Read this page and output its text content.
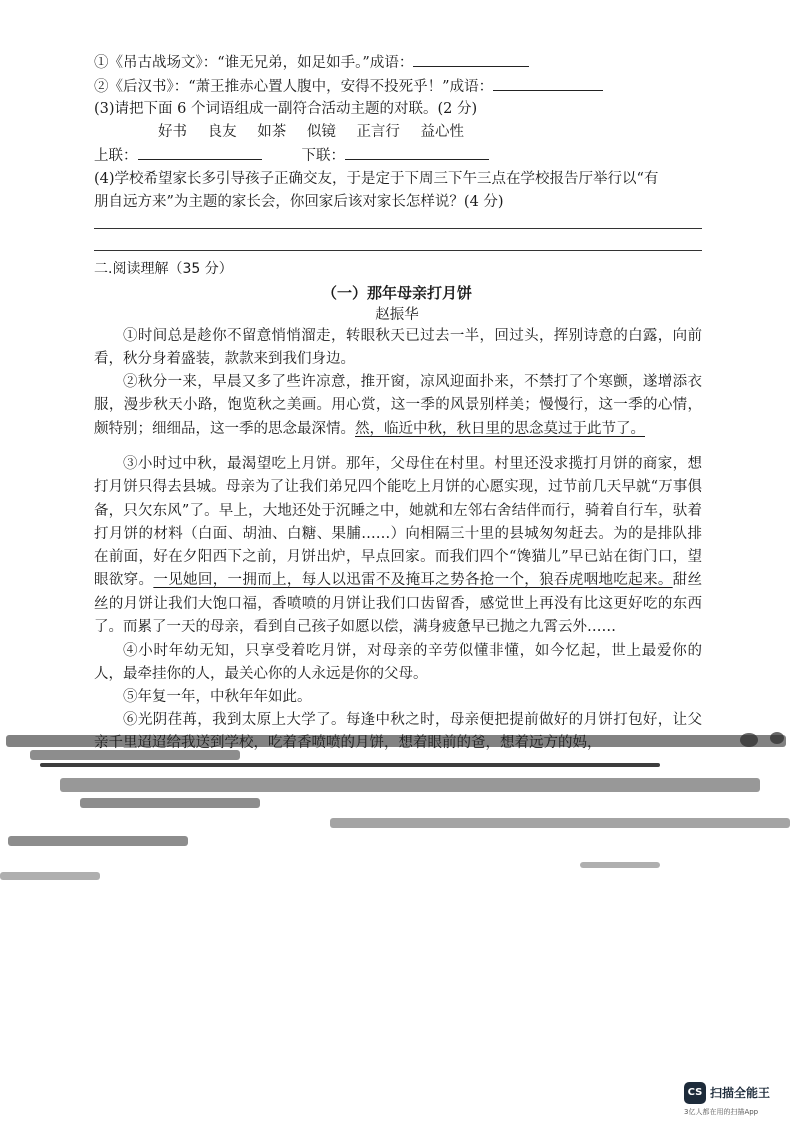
①《吊古战场文》：“谁无兄弟，如足如手。”成语：
②《后汉书》：“萧王推赤心置人腹中，安得不投死乎！”成语：
(3)请把下面 6 个词语组成一副符合活动主题的对联。(2 分)
好书 良友 如茶 似镜 正言行 益心性
上联：	下联：
(4)学校希望家长多引导孩子正确交友，于是定于下周三下午三点在学校报告厅举行以“有
朋自远方来”为主题的家长会，你回家后该对家长怎样说？(4 分)
二.阅读理解（35 分）
（一）那年母亲打月饼
赵振华
①时间总是趁你不留意悄悄溜走，转眼秋天已过去一半，回过头，挥别诗意的白露，向前看，秋分身着盛装，款款来到我们身边。
②秋分一来，早晨又多了些许凉意，推开窗，凉风迎面扑来，不禁打了个寒颤，遂增添衣服，漫步秋天小路，饱览秋之美画。用心赏，这一季的风景别样美；慢慢行，这一季的心情，颇特别；细细品，这一季的思念最深情。然，临近中秋，秋日里的思念莫过于此节了。
③小时过中秋，最渴望吃上月饼。那年，父母住在村里。村里还没求揽打月饼的商家，想打月饼只得去县城。母亲为了让我们弟兄四个能吃上月饼的心愿实现，过节前几天早就“万事俱备，只欠东风”了。早上，大地还处于沉睡之中，她就和左邻右舍结伴而行，骑着自行车，驮着打月饼的材料（白面、胡油、白糖、果脯……）向相隔三十里的县城匆匆赶去。为的是排队排在前面，好在夕阳西下之前，月饼出炉，早点回家。而我们四个“馋猫儿”早已站在街门口，望眼欲穿。一见她回，一拥而上，每人以迅雷不及掩耳之势各抢一个，狼吞虎咽地吃起来。甜丝丝的月饼让我们大饱口福，香喷喷的月饼让我们口齿留香，感觉世上再没有比这更好吃的东西了。而累了一天的母亲，看到自己孩子如愿以偿，满身疲惫早已抛之九霄云外……
④小时年幼无知，只享受着吃月饼，对母亲的辛劳似懂非懂，如今忆起，世上最爱你的人，最牵挂你的人，最关心你的人永远是你的父母。
⑤年复一年，中秋年年如此。
⑥光阴荏苒，我到太原上大学了。每逢中秋之时，母亲便把提前做好的月饼打包好，让父
CS 扫描全能王
3亿人都在用的扫描App
